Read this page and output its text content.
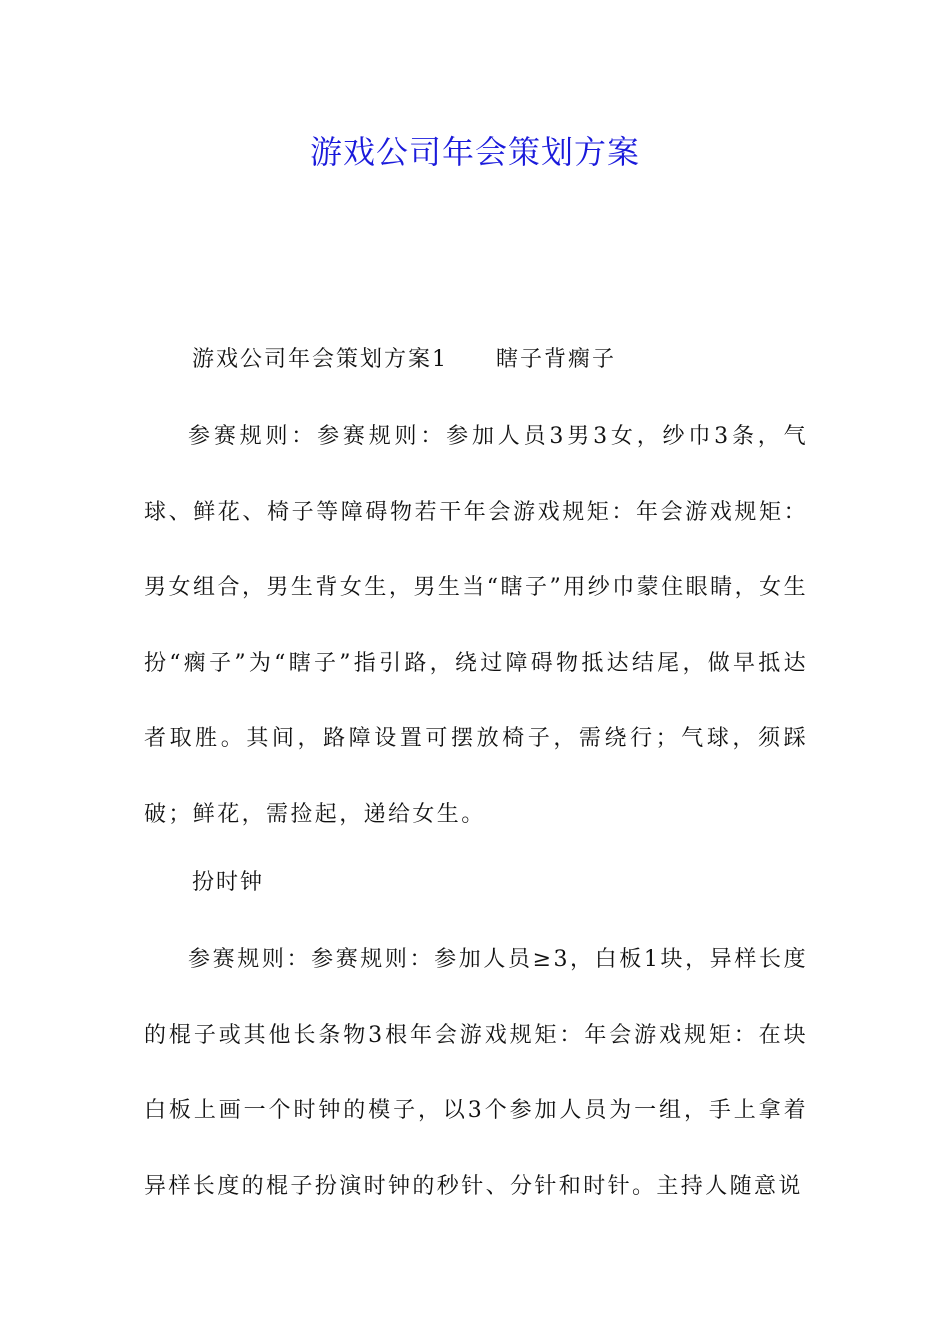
游戏公司年会策划方案
游戏公司年会策划方案1 瞎子背瘸子

参赛规则：参赛规则：参加人员3男3女，纱巾3条，气球、鲜花、椅子等障碍物若干年会游戏规矩：年会游戏规矩：男女组合，男生背女生，男生当“瞎子”用纱巾蒙住眼睛，女生扮“瘸子”为“瞎子”指引路，绕过障碍物抵达结尾，做早抵达者取胜。其间，路障设置可摆放椅子，需绕行；气球，须踩破；鲜花，需捡起，递给女生。

扮时钟

参赛规则：参赛规则：参加人员≥3，白板1块，异样长度的棍子或其他长条物3根年会游戏规矩：年会游戏规矩：在块白板上画一个时钟的模子，以3个参加人员为一组，手上拿着异样长度的棍子扮演时钟的秒针、分针和时针。主持人随意说
